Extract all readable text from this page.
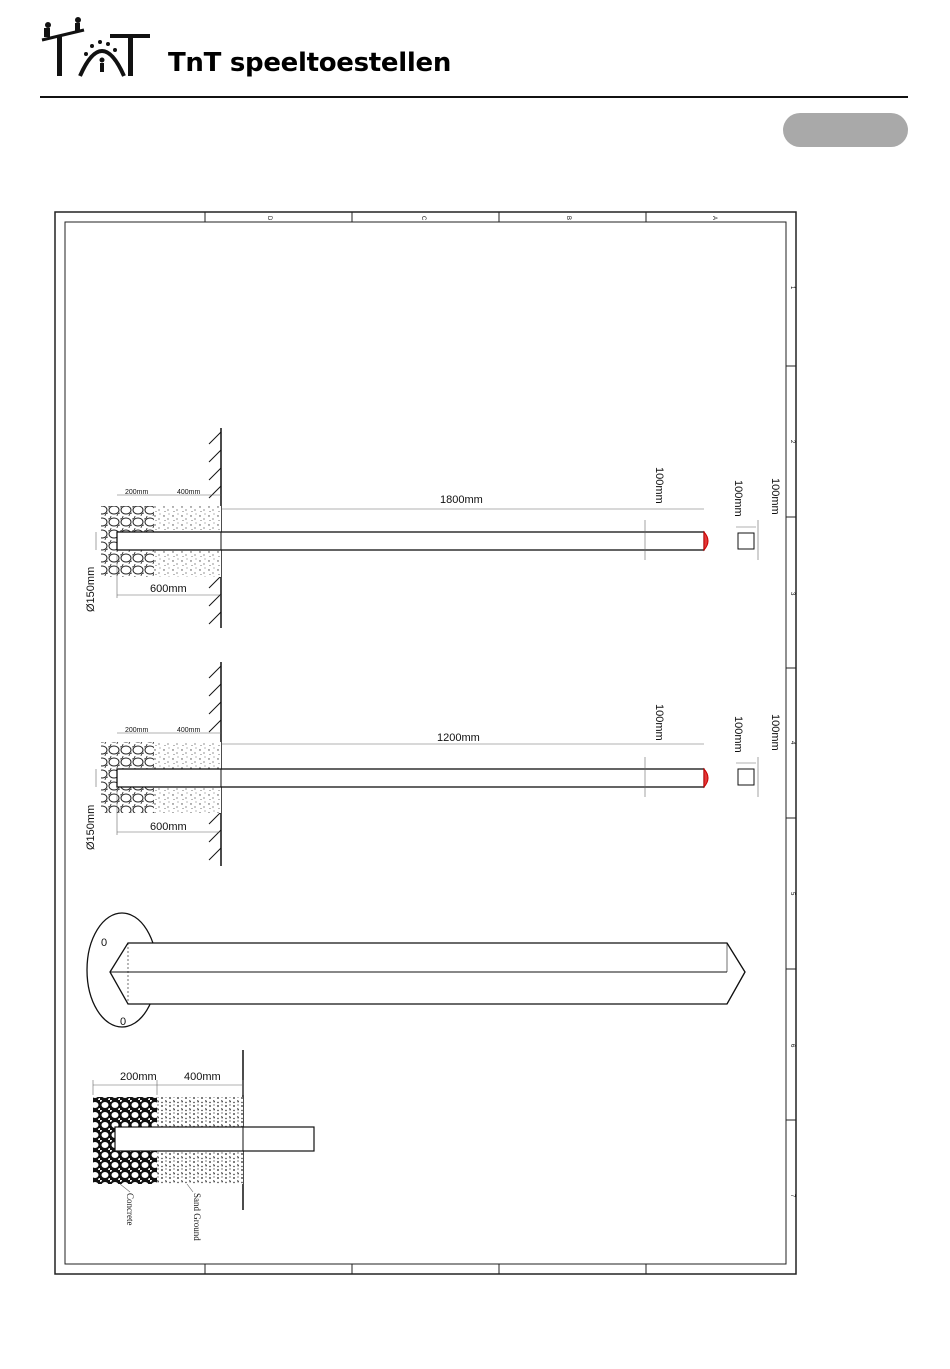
TnT speeltoestellen
D	C	B	A
1
2
3
4
5
6
7
1800mm
200mm	400mm
600mm
Ø150mm
100mm	100mm 100mm
1200mm
200mm	400mm
600mm
Ø150mm
100mm	100mm 100mm
0
0
200mm 400mm
Concrete	Sand Ground
